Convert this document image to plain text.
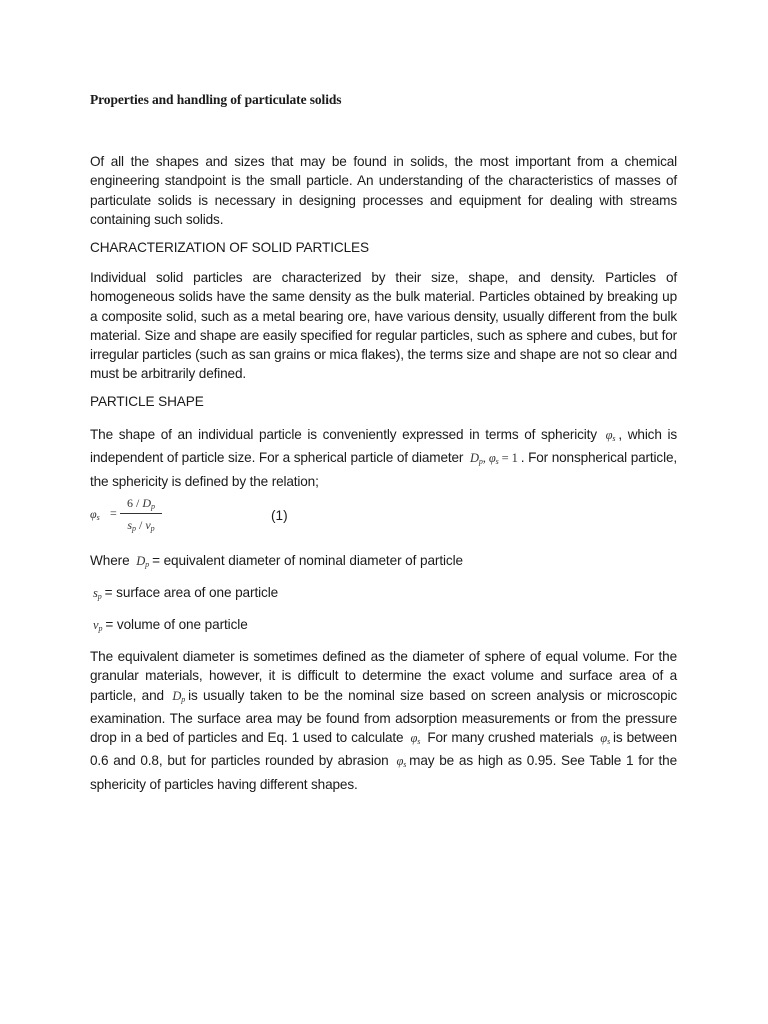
Properties and handling of particulate solids
Of all the shapes and sizes that may be found in solids, the most important from a chemical engineering standpoint is the small particle. An understanding of the characteristics of masses of particulate solids is necessary in designing processes and equipment for dealing with streams containing such solids.
CHARACTERIZATION OF SOLID PARTICLES
Individual solid particles are characterized by their size, shape, and density. Particles of homogeneous solids have the same density as the bulk material. Particles obtained by breaking up a composite solid, such as a metal bearing ore, have various density, usually different from the bulk material. Size and shape are easily specified for regular particles, such as sphere and cubes, but for irregular particles (such as san grains or mica flakes), the terms size and shape are not so clear and must be arbitrarily defined.
PARTICLE SHAPE
The shape of an individual particle is conveniently expressed in terms of sphericity $\varphi_s$ , which is independent of particle size. For a spherical particle of diameter $D_p$, $\varphi_s = 1$ . For nonspherical particle, the sphericity is defined by the relation;
$\varphi_s$ =
$6 / D_p$
$s_p / v_p$
(1)
Where $D_p$ = equivalent diameter of nominal diameter of particle
$s_p$ = surface area of one particle
$v_p$ = volume of one particle
The equivalent diameter is sometimes defined as the diameter of sphere of equal volume. For the granular materials, however, it is difficult to determine the exact volume and surface area of a particle, and $D_p$ is usually taken to be the nominal size based on screen analysis or microscopic examination. The surface area may be found from adsorption measurements or from the pressure drop in a bed of particles and Eq. 1 used to calculate $\varphi_s$ For many crushed materials $\varphi_s$ is between 0.6 and 0.8, but for particles rounded by abrasion $\varphi_s$ may be as high as 0.95. See Table 1 for the sphericity of particles having different shapes.
